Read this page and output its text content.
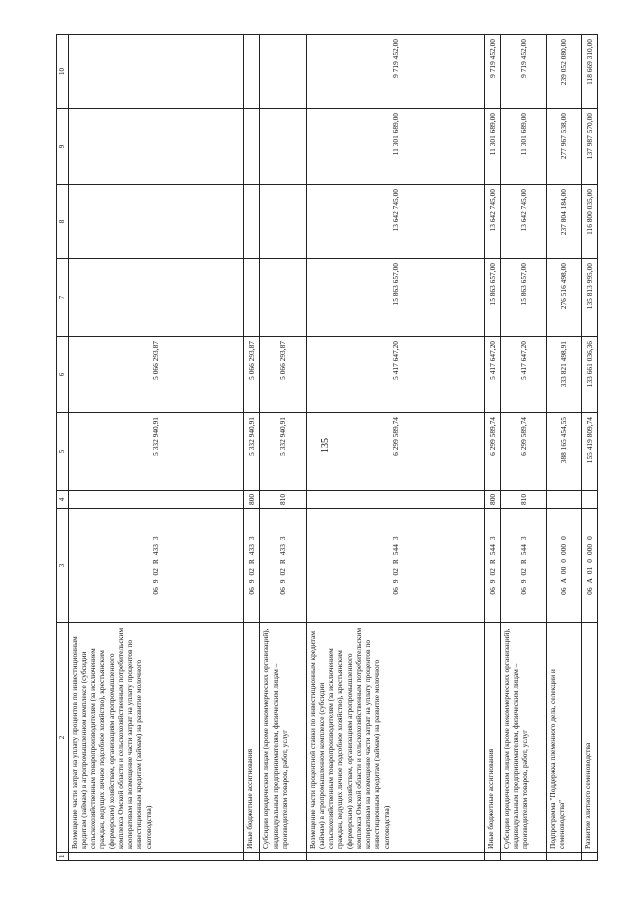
135
1	2	3	4	5	6	7	8	9	10
	Возмещение части затрат на уплату процентов по инвестиционным кредитам (займам) в агропромышленном комплексе (субсидии сельскохозяйственным товаропроизводителям (за исключением граждан, ведущих личное подсобное хозяйство), крестьянским (фермерским) хозяйствам, организациям агропромышленного комплекса Омской области и сельскохозяйственным потребительским кооперативам на возмещение части затрат на уплату процентов по инвестиционным кредитам (займам) на развитие молочного скотоводства)	06902R4333		5 332 940,91	5 066 293,87				
	Иные бюджетные ассигнования	06902R4333	800	5 332 940,91	5 066 293,87				
	Субсидии юридическим лицам (кроме некоммерческих организаций), индивидуальным предпринимателям, физическим лицам – производителям товаров, работ, услуг	06902R4333	810	5 332 940,91	5 066 293,87				
	Возмещение части процентной ставки по инвестиционным кредитам (займам) в агропромышленном комплексе (субсидии сельскохозяйственным товаропроизводителям (за исключением граждан, ведущих личное подсобное хозяйство), крестьянским (фермерским) хозяйствам, организациям агропромышленного комплекса Омской области и сельскохозяйственным потребительским кооперативам на возмещение части затрат на уплату процентов по инвестиционным кредитам (займам) на развитие молочного скотоводства)	06902R5443		6 299 589,74	5 417 647,20	15 863 657,00	13 642 745,00	11 301 689,00	9 719 452,00
	Иные бюджетные ассигнования	06902R5443	800	6 299 589,74	5 417 647,20	15 863 657,00	13 642 745,00	11 301 689,00	9 719 452,00
	Субсидии юридическим лицам (кроме некоммерческих организаций), индивидуальным предпринимателям, физическим лицам – производителям товаров, работ, услуг	06902R5443	810	6 299 589,74	5 417 647,20	15 863 657,00	13 642 745,00	11 301 689,00	9 719 452,00
	Подпрограмма "Поддержка племенного дела, селекции и семеноводства"	06А0000000		388 165 454,55	333 821 498,91	276 516 498,00	237 804 184,00	277 967 538,00	239 052 080,00
	Развитие элитного семеноводства	06А0100000		155 419 809,74	133 661 036,36	135 813 995,00	116 800 035,00	137 987 570,00	118 669 310,00
